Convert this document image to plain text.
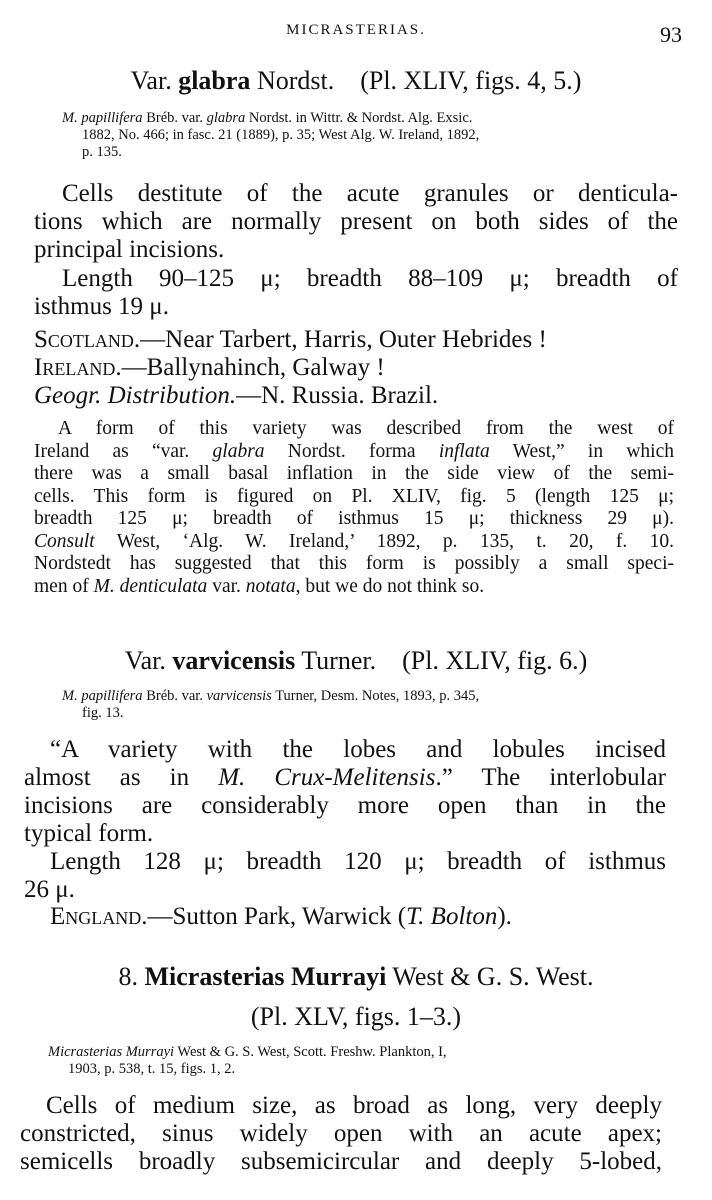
MICRASTERIAS.	93
Var. glabra Nordst. (Pl. XLIV, figs. 4, 5.)
M. papillifera Bréb. var. glabra Nordst. in Wittr. & Nordst. Alg. Exsic.
1882, No. 466; in fasc. 21 (1889), p. 35; West Alg. W. Ireland, 1892,
p. 135.
Cells destitute of the acute granules or denticula-
tions which are normally present on both sides of the
principal incisions.
Length 90–125 μ; breadth 88–109 μ; breadth of
isthmus 19 μ.
Scotland.—Near Tarbert, Harris, Outer Hebrides !
Ireland.—Ballynahinch, Galway !
Geogr. Distribution.—N. Russia. Brazil.
A form of this variety was described from the west of
Ireland as “var. glabra Nordst. forma inflata West,” in which
there was a small basal inflation in the side view of the semi-
cells. This form is figured on Pl. XLIV, fig. 5 (length 125 μ;
breadth 125 μ; breadth of isthmus 15 μ; thickness 29 μ).
Consult West, ‘Alg. W. Ireland,’ 1892, p. 135, t. 20, f. 10.
Nordstedt has suggested that this form is possibly a small speci-
men of M. denticulata var. notata, but we do not think so.
Var. varvicensis Turner. (Pl. XLIV, fig. 6.)
M. papillifera Bréb. var. varvicensis Turner, Desm. Notes, 1893, p. 345,
fig. 13.
“A variety with the lobes and lobules incised
almost as in M. Crux-Melitensis.” The interlobular
incisions are considerably more open than in the
typical form.
Length 128 μ; breadth 120 μ; breadth of isthmus
26 μ.
England.—Sutton Park, Warwick (T. Bolton).
8. Micrasterias Murrayi West & G. S. West.
(Pl. XLV, figs. 1–3.)
Micrasterias Murrayi West & G. S. West, Scott. Freshw. Plankton, I,
1903, p. 538, t. 15, figs. 1, 2.
Cells of medium size, as broad as long, very deeply
constricted, sinus widely open with an acute apex;
semicells broadly subsemicircular and deeply 5-lobed,
